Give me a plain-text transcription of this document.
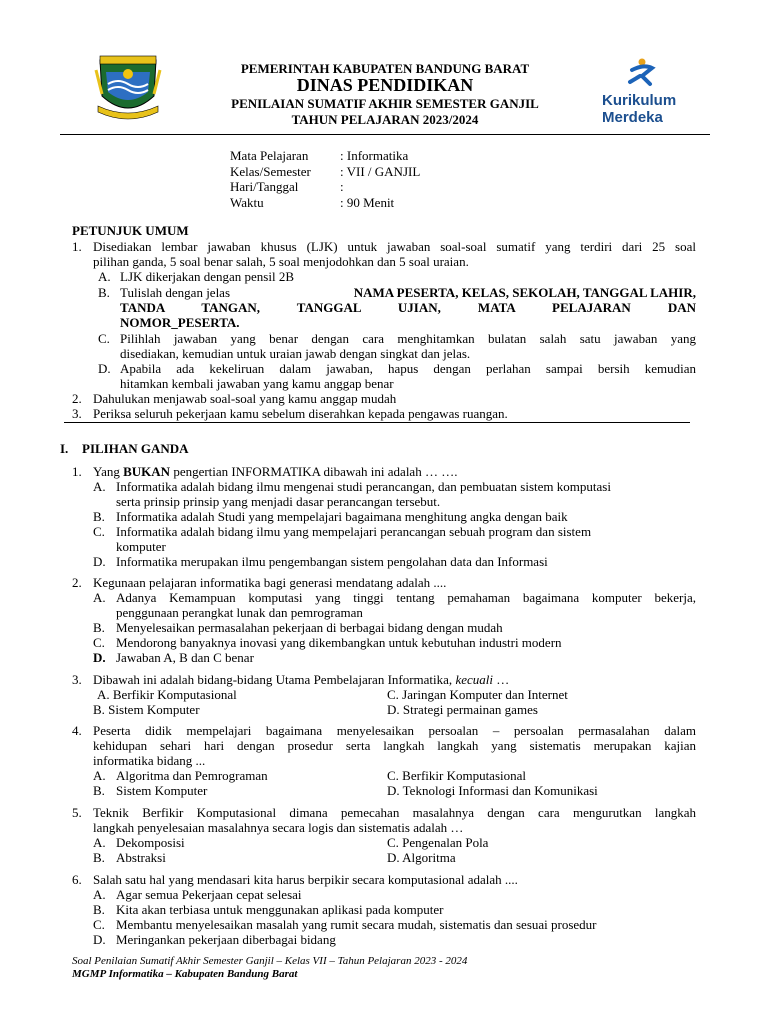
PEMERINTAH KABUPATEN BANDUNG BARAT
DINAS PENDIDIKAN
PENILAIAN SUMATIF AKHIR SEMESTER GANJIL
TAHUN PELAJARAN 2023/2024
Kurikulum
Merdeka
Mata Pelajaran	: Informatika
Kelas/Semester	: VII / GANJIL
Hari/Tanggal	:
Waktu	: 90 Menit
PETUNJUK UMUM
1. Disediakan lembar jawaban khusus (LJK) untuk jawaban soal-soal sumatif yang terdiri dari 25 soal
pilihan ganda, 5 soal benar salah, 5 soal menjodohkan dan 5 soal uraian.
A. LJK dikerjakan dengan pensil 2B
B. Tulislah dengan jelas	NAMA PESERTA, KELAS, SEKOLAH, TANGGAL LAHIR,
TANDA TANGAN, TANGGAL UJIAN, MATA PELAJARAN DAN
NOMOR_PESERTA.
C. Pilihlah jawaban yang benar dengan cara menghitamkan bulatan salah satu jawaban yang
disediakan, kemudian untuk uraian jawab dengan singkat dan jelas.
D. Apabila ada kekeliruan dalam jawaban, hapus dengan perlahan sampai bersih kemudian
hitamkan kembali jawaban yang kamu anggap benar
2. Dahulukan menjawab soal-soal yang kamu anggap mudah
3. Periksa seluruh pekerjaan kamu sebelum diserahkan kepada pengawas ruangan.
I. PILIHAN GANDA
1. Yang BUKAN pengertian INFORMATIKA dibawah ini adalah … ….
A. Informatika adalah bidang ilmu mengenai studi perancangan, dan pembuatan sistem komputasi
serta prinsip prinsip yang menjadi dasar perancangan tersebut.
B. Informatika adalah Studi yang mempelajari bagaimana menghitung angka dengan baik
C. Informatika adalah bidang ilmu yang mempelajari perancangan sebuah program dan sistem
komputer
D. Informatika merupakan ilmu pengembangan sistem pengolahan data dan Informasi
2. Kegunaan pelajaran informatika bagi generasi mendatang adalah ....
A. Adanya Kemampuan komputasi yang tinggi tentang pemahaman bagaimana komputer bekerja,
penggunaan perangkat lunak dan pemrograman
B. Menyelesaikan permasalahan pekerjaan di berbagai bidang dengan mudah
C. Mendorong banyaknya inovasi yang dikembangkan untuk kebutuhan industri modern
D. Jawaban A, B dan C benar
3. Dibawah ini adalah bidang-bidang Utama Pembelajaran Informatika, kecuali …
A. Berfikir Komputasional	C. Jaringan Komputer dan Internet
B. Sistem Komputer	D. Strategi permainan games
4. Peserta didik mempelajari bagaimana menyelesaikan persoalan – persoalan permasalahan dalam
kehidupan sehari hari dengan prosedur serta langkah langkah yang sistematis merupakan kajian
informatika bidang ...
A. Algoritma dan Pemrograman	C. Berfikir Komputasional
B. Sistem Komputer	D. Teknologi Informasi dan Komunikasi
5. Teknik Berfikir Komputasional dimana pemecahan masalahnya dengan cara mengurutkan langkah
langkah penyelesaian masalahnya secara logis dan sistematis adalah …
A. Dekomposisi	C. Pengenalan Pola
B. Abstraksi	D. Algoritma
6. Salah satu hal yang mendasari kita harus berpikir secara komputasional adalah ....
A. Agar semua Pekerjaan cepat selesai
B. Kita akan terbiasa untuk menggunakan aplikasi pada komputer
C. Membantu menyelesaikan masalah yang rumit secara mudah, sistematis dan sesuai prosedur
D. Meringankan pekerjaan diberbagai bidang
Soal Penilaian Sumatif Akhir Semester Ganjil – Kelas VII – Tahun Pelajaran 2023 - 2024
MGMP Informatika – Kabupaten Bandung Barat
